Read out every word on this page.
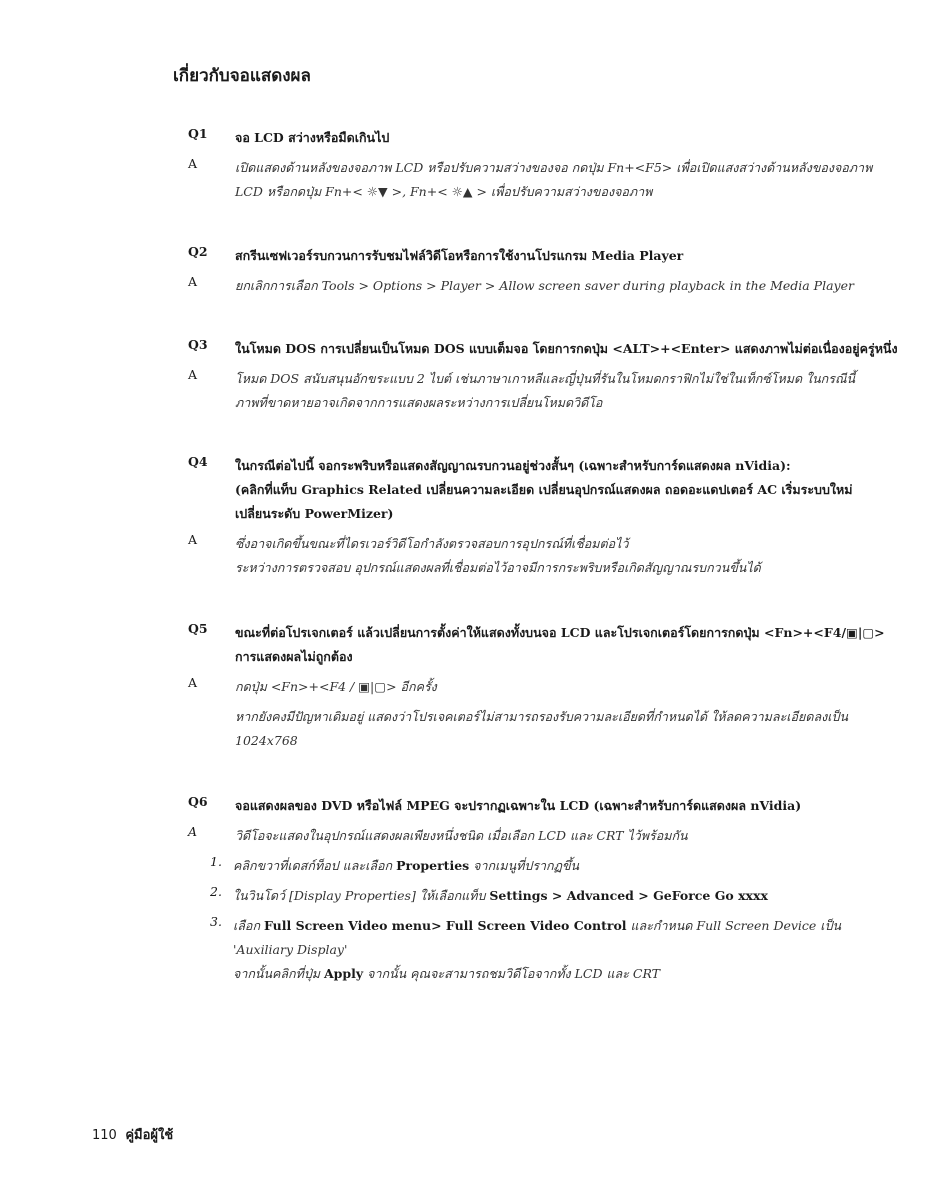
เกี่ยวกับจอแสดงผล
Q1 จอ LCD สว่างหรือมืดเกินไป
A	เปิดแสดงด้านหลังของจอภาพ LCD หรือปรับความสว่างของจอ กดปุ่ม Fn+<F5> เพื่อเปิดแสงสว่างด้านหลังของจอภาพ
LCD หรือกดปุ่ม Fn+< ☼▼ >, Fn+< ☼▲ > เพื่อปรับความสว่างของจอภาพ
Q2 สกรีนเซฟเวอร์รบกวนการรับชมไฟล์วิดีโอหรือการใช้งานโปรแกรม Media Player
A	ยกเลิกการเลือก Tools > Options > Player > Allow screen saver during playback in the Media Player
Q3 ในโหมด DOS การเปลี่ยนเป็นโหมด DOS แบบเต็มจอ โดยการกดปุ่ม <ALT>+<Enter> แสดงภาพไม่ต่อเนื่องอยู่ครู่หนึ่ง
A	โหมด DOS สนับสนุนอักขระแบบ 2 ไบต์ เช่นภาษาเกาหลีและญี่ปุ่นที่รันในโหมดกราฟิกไม่ใช่ในเท็กซ์โหมด ในกรณีนี้
ภาพที่ขาดหายอาจเกิดจากการแสดงผลระหว่างการเปลี่ยนโหมดวิดีโอ
Q4 ในกรณีต่อไปนี้ จอกระพริบหรือแสดงสัญญาณรบกวนอยู่ช่วงสั้นๆ (เฉพาะสำหรับการ์ดแสดงผล nVidia):
(คลิกที่แท็บ Graphics Related เปลี่ยนความละเอียด เปลี่ยนอุปกรณ์แสดงผล ถอดอะแดปเตอร์ AC เริ่มระบบใหม่
เปลี่ยนระดับ PowerMizer)
A	ซึ่งอาจเกิดขึ้นขณะที่ไดรเวอร์วิดีโอกำลังตรวจสอบการอุปกรณ์ที่เชื่อมต่อไว้
ระหว่างการตรวจสอบ อุปกรณ์แสดงผลที่เชื่อมต่อไว้อาจมีการกระพริบหรือเกิดสัญญาณรบกวนขึ้นได้
Q5 ขณะที่ต่อโปรเจกเตอร์ แล้วเปลี่ยนการตั้งค่าให้แสดงทั้งบนจอ LCD และโปรเจกเตอร์โดยการกดปุ่ม <Fn>+<F4/▣|▢>
การแสดงผลไม่ถูกต้อง
A	กดปุ่ม <Fn>+<F4 / ▣|▢> อีกครั้ง
หากยังคงมีปัญหาเดิมอยู่ แสดงว่าโปรเจคเตอร์ไม่สามารถรองรับความละเอียดที่กำหนดได้ ให้ลดความละเอียดลงเป็น
1024x768
Q6 จอแสดงผลของ DVD หรือไฟล์ MPEG จะปรากฏเฉพาะใน LCD (เฉพาะสำหรับการ์ดแสดงผล nVidia)
A	วิดีโอจะแสดงในอุปกรณ์แสดงผลเพียงหนึ่งชนิด เมื่อเลือก LCD และ CRT ไว้พร้อมกัน
1. คลิกขวาที่เดสก์ท็อป และเลือก Properties จากเมนูที่ปรากฏขึ้น
2. ในวินโดว์ [Display Properties] ให้เลือกแท็บ Settings > Advanced > GeForce Go xxxx
3. เลือก Full Screen Video menu> Full Screen Video Control และกำหนด Full Screen Device เป็น 'Auxiliary Display'
จากนั้นคลิกที่ปุ่ม Apply จากนั้น คุณจะสามารถชมวิดีโอจากทั้ง LCD และ CRT
110 คู่มือผู้ใช้
